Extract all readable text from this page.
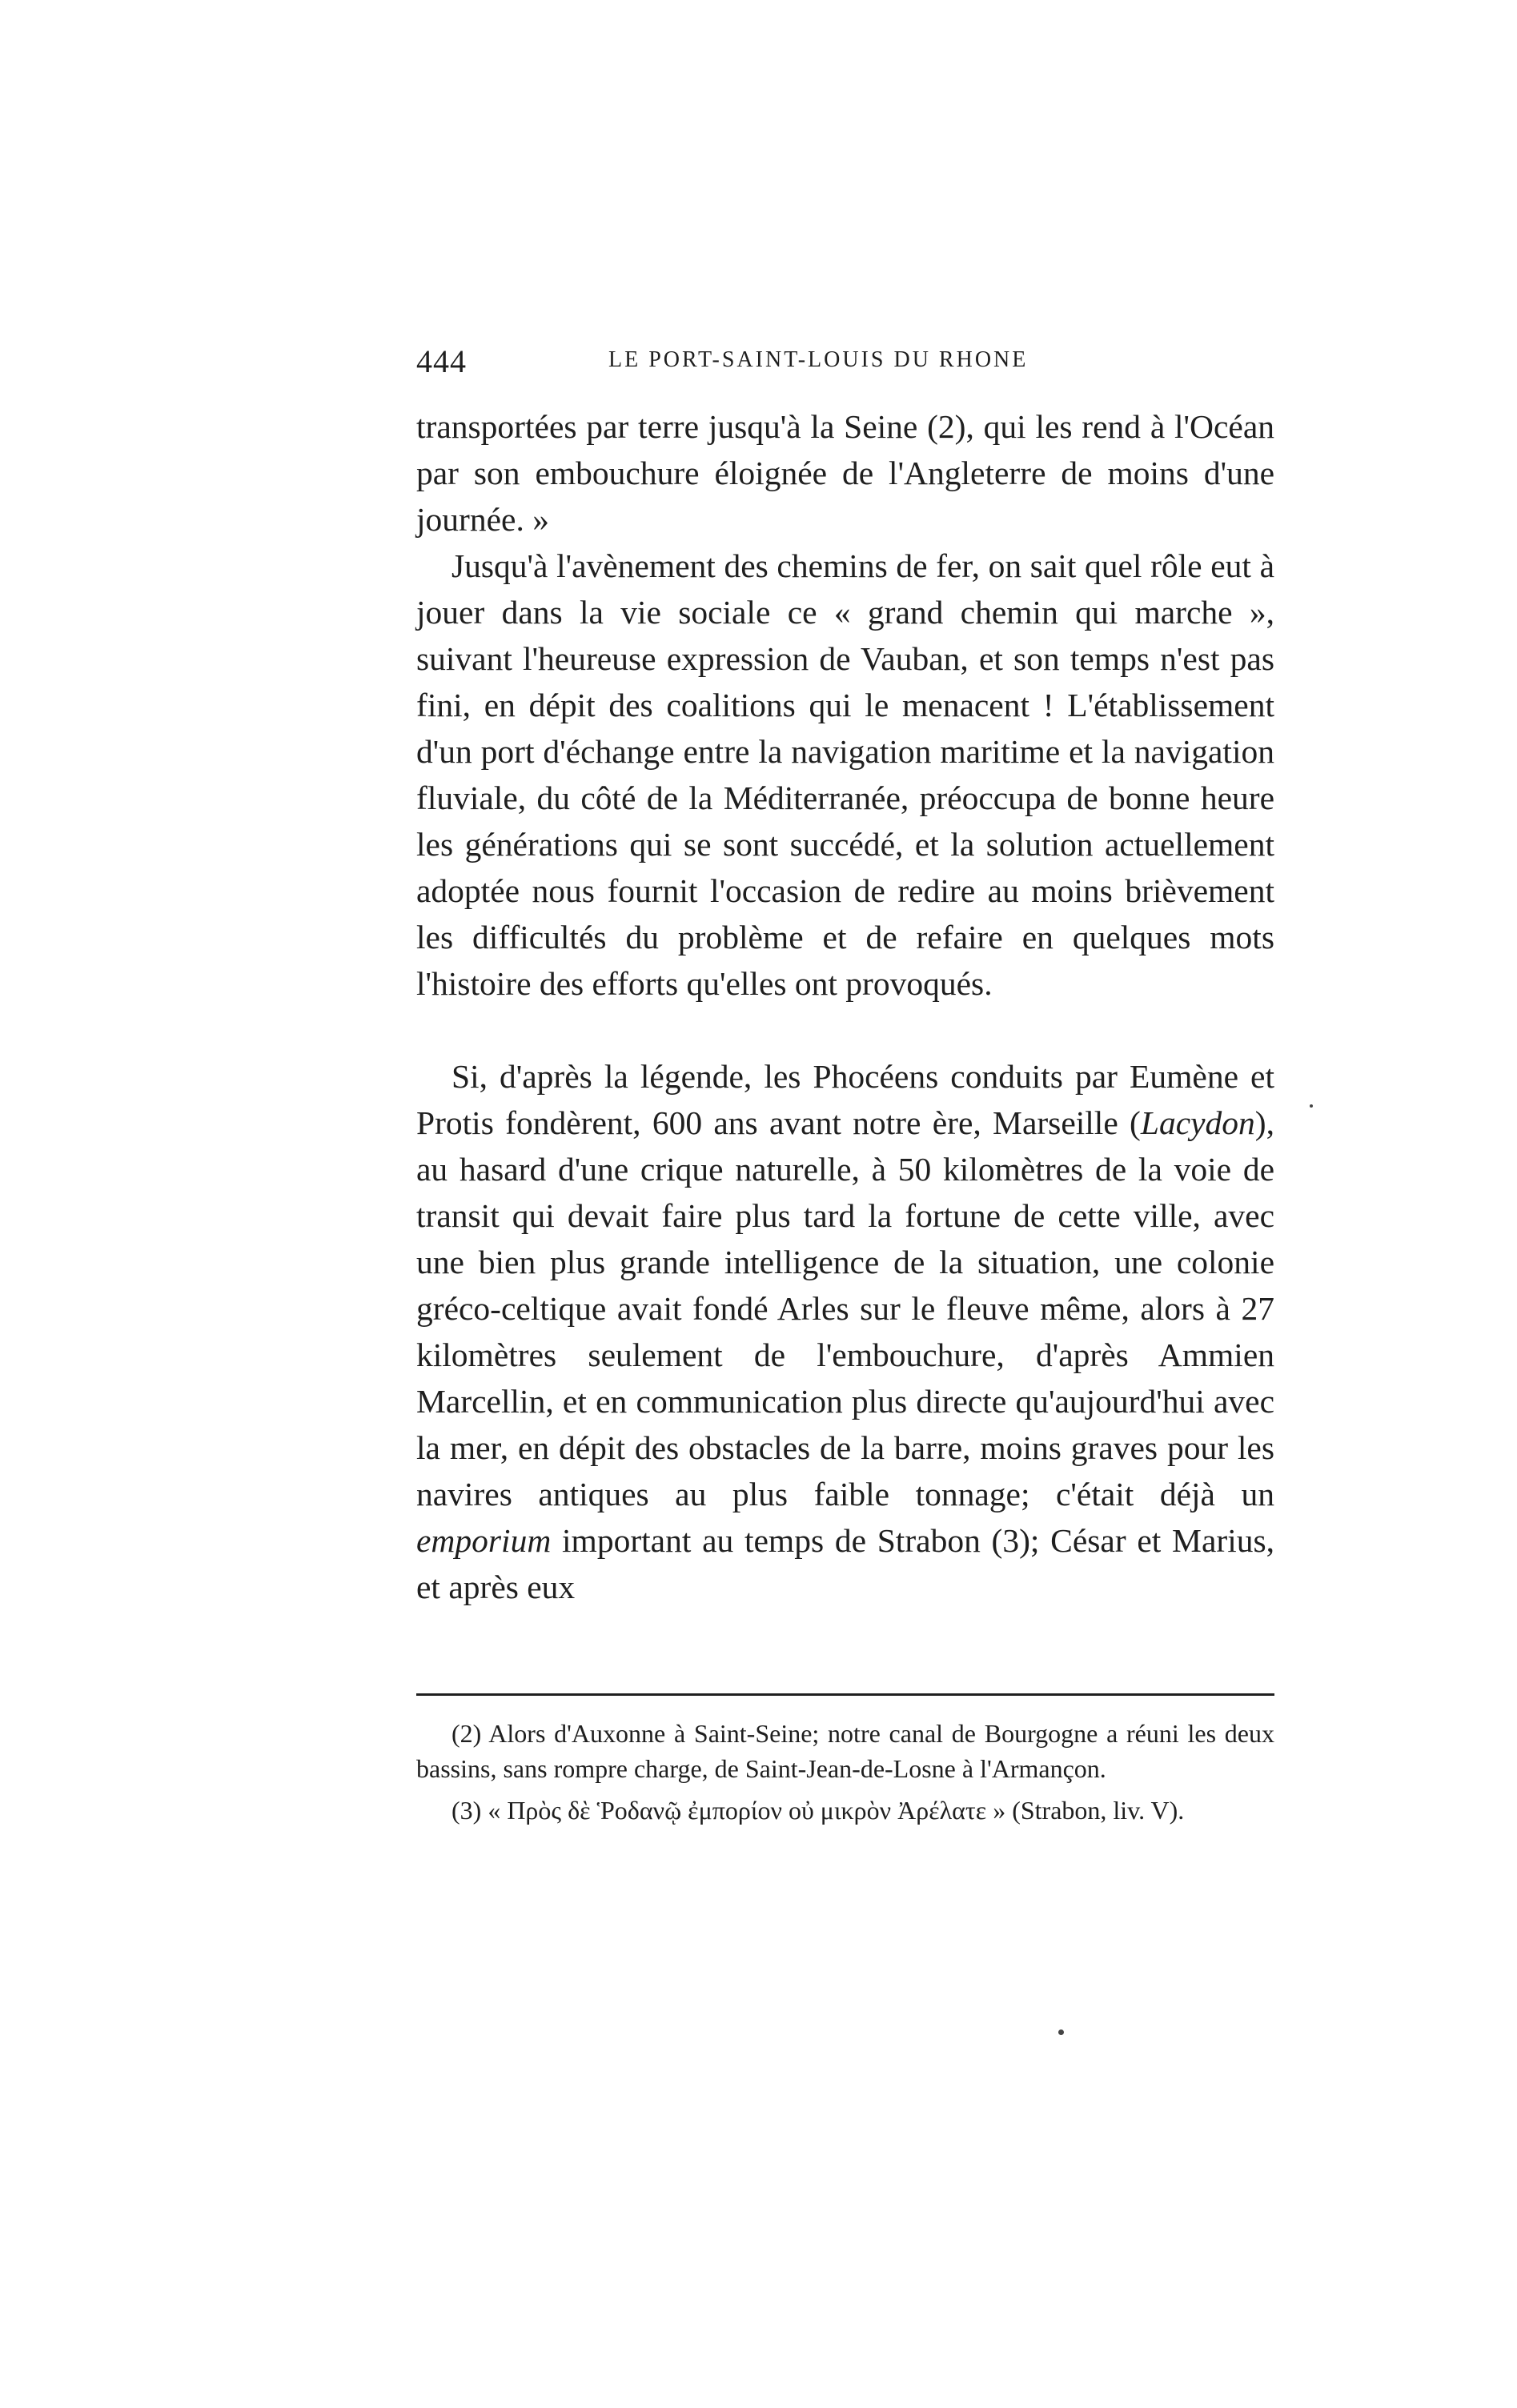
444	LE PORT-SAINT-LOUIS DU RHONE

transportées par terre jusqu'à la Seine (2), qui les rend à l'Océan par son embouchure éloignée de l'Angleterre de moins d'une journée. »

Jusqu'à l'avènement des chemins de fer, on sait quel rôle eut à jouer dans la vie sociale ce « grand chemin qui marche », suivant l'heureuse expression de Vauban, et son temps n'est pas fini, en dépit des coalitions qui le menacent ! L'établissement d'un port d'échange entre la navigation maritime et la navigation fluviale, du côté de la Méditerranée, préoccupa de bonne heure les générations qui se sont succédé, et la solution actuellement adoptée nous fournit l'occasion de redire au moins brièvement les difficultés du problème et de refaire en quelques mots l'histoire des efforts qu'elles ont provoqués.

Si, d'après la légende, les Phocéens conduits par Eumène et Protis fondèrent, 600 ans avant notre ère, Marseille (Lacydon), au hasard d'une crique naturelle, à 50 kilomètres de la voie de transit qui devait faire plus tard la fortune de cette ville, avec une bien plus grande intelligence de la situation, une colonie gréco-celtique avait fondé Arles sur le fleuve même, alors à 27 kilomètres seulement de l'embouchure, d'après Ammien Marcellin, et en communication plus directe qu'aujourd'hui avec la mer, en dépit des obstacles de la barre, moins graves pour les navires antiques au plus faible tonnage; c'était déjà un emporium important au temps de Strabon (3); César et Marius, et après eux

(2) Alors d'Auxonne à Saint-Seine; notre canal de Bourgogne a réuni les deux bassins, sans rompre charge, de Saint-Jean-de-Losne à l'Armançon.

(3) « Πρὸς δὲ Ῥοδανῷ ἐμπορίον οὐ μικρὸν Ἀρέλατε » (Strabon, liv. V).
